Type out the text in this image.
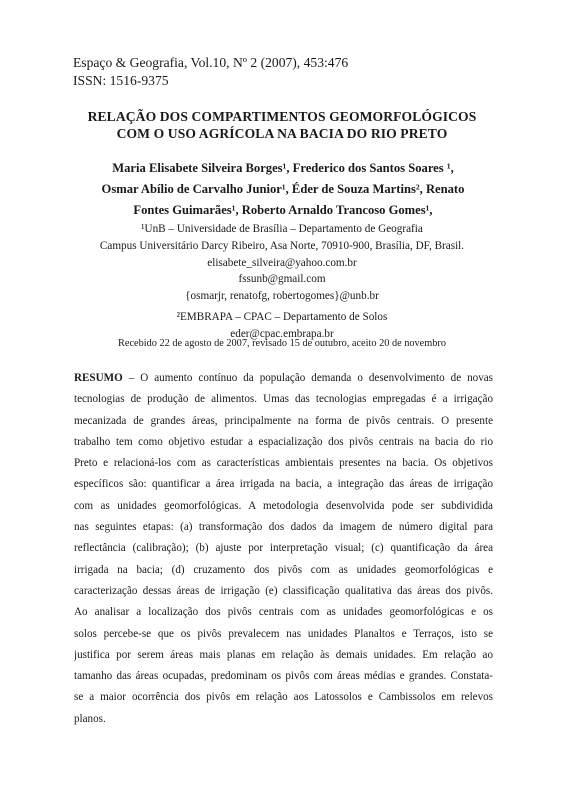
Espaço & Geografia, Vol.10, Nº 2 (2007), 453:476
ISSN: 1516-9375
RELAÇÃO DOS COMPARTIMENTOS GEOMORFOLÓGICOS
COM O USO AGRÍCOLA NA BACIA DO RIO PRETO
Maria Elisabete Silveira Borges¹, Frederico dos Santos Soares ¹,
Osmar Abílio de Carvalho Junior¹, Éder de Souza Martins², Renato
Fontes Guimarães¹, Roberto Arnaldo Trancoso Gomes¹,
¹UnB – Universidade de Brasília – Departamento de Geografia
Campus Universitário Darcy Ribeiro, Asa Norte, 70910-900, Brasília, DF, Brasil.
elisabete_silveira@yahoo.com.br
fssunb@gmail.com
{osmarjr, renatofg, robertogomes}@unb.br
²EMBRAPA – CPAC – Departamento de Solos
eder@cpac.embrapa.br
Recebido 22 de agosto de 2007, revisado 15 de outubro, aceito 20 de novembro
RESUMO – O aumento contínuo da população demanda o desenvolvimento de novas
tecnologias de produção de alimentos. Umas das tecnologias empregadas é a irrigação
mecanizada de grandes áreas, principalmente na forma de pivôs centrais. O presente
trabalho tem como objetivo estudar a espacialização dos pivôs centrais na bacia do rio
Preto e relacioná-los com as características ambientais presentes na bacia. Os objetivos
específicos são: quantificar a área irrigada na bacia, a integração das áreas de irrigação
com as unidades geomorfológicas. A metodologia desenvolvida pode ser subdividida
nas seguintes etapas: (a) transformação dos dados da imagem de número digital para
reflectância (calibração); (b) ajuste por interpretação visual; (c) quantificação da área
irrigada na bacia; (d) cruzamento dos pivôs com as unidades geomorfológicas e
caracterização dessas áreas de irrigação (e) classificação qualitativa das áreas dos pivôs.
Ao analisar a localização dos pivôs centrais com as unidades geomorfológicas e os
solos percebe-se que os pivôs prevalecem nas unidades Planaltos e Terraços, isto se
justifica por serem áreas mais planas em relação às demais unidades. Em relação ao
tamanho das áreas ocupadas, predominam os pivôs com áreas médias e grandes. Constata-
se a maior ocorrência dos pivôs em relação aos Latossolos e Cambissolos em relevos
planos.
